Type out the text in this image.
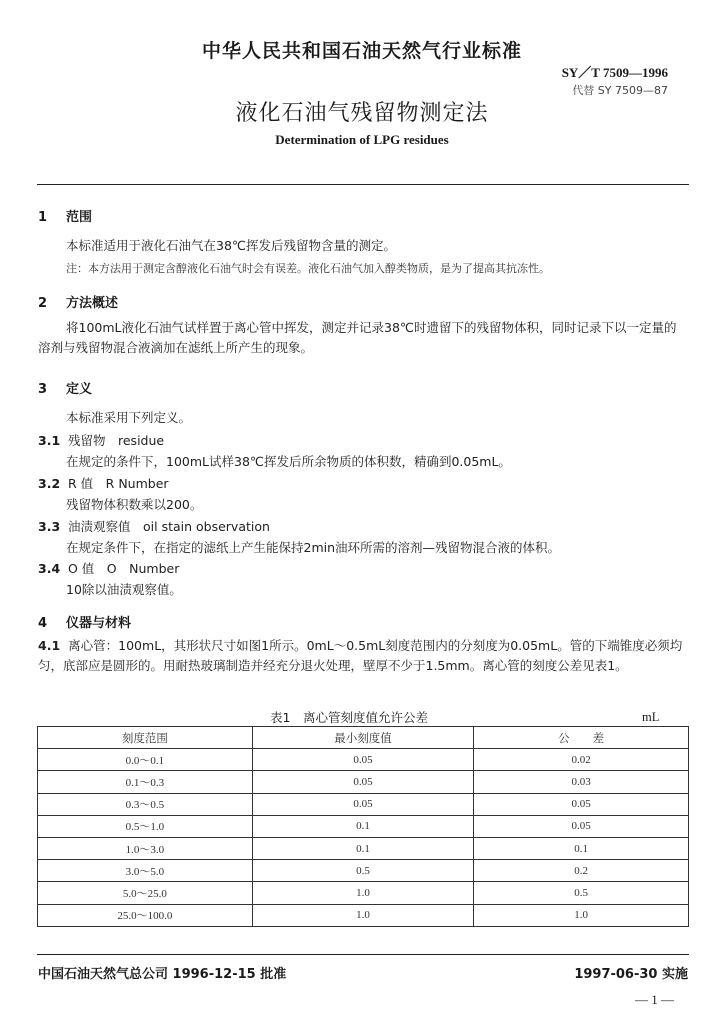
中华人民共和国石油天然气行业标准
SY／T 7509—1996
代替 SY 7509—87
液化石油气残留物测定法
Determination of LPG residues
1 范围
本标准适用于液化石油气在38℃挥发后残留物含量的测定。
注：本方法用于测定含醇液化石油气时会有误差。液化石油气加入醇类物质，是为了提高其抗冻性。
2 方法概述
将100mL液化石油气试样置于离心管中挥发，测定并记录38℃时遗留下的残留物体积，同时记录下以一定量的溶剂与残留物混合液滴加在滤纸上所产生的现象。
3 定义
本标准采用下列定义。
3.1 残留物　residue
在规定的条件下，100mL试样38℃挥发后所余物质的体积数，精确到0.05mL。
3.2 R 值　R Number
残留物体积数乘以200。
3.3 油渍观察值　oil stain observation
在规定条件下，在指定的滤纸上产生能保持2min油环所需的溶剂—残留物混合液的体积。
3.4 O 值　O　Number
10除以油渍观察值。
4 仪器与材料
4.1 离心管：100mL，其形状尺寸如图1所示。0mL～0.5mL刻度范围内的分刻度为0.05mL。管的下端锥度必须均匀，底部应是圆形的。用耐热玻璃制造并经充分退火处理，壁厚不少于1.5mm。离心管的刻度公差见表1。
表1　离心管刻度值允许公差	mL
刻度范围	最小刻度值	公　　差
0.0～0.1	0.05	0.02
0.1～0.3	0.05	0.03
0.3～0.5	0.05	0.05
0.5～1.0	0.1	0.05
1.0～3.0	0.1	0.1
3.0～5.0	0.5	0.2
5.0～25.0	1.0	0.5
25.0～100.0	1.0	1.0
中国石油天然气总公司 1996-12-15 批准	1997-06-30 实施
— 1 —
